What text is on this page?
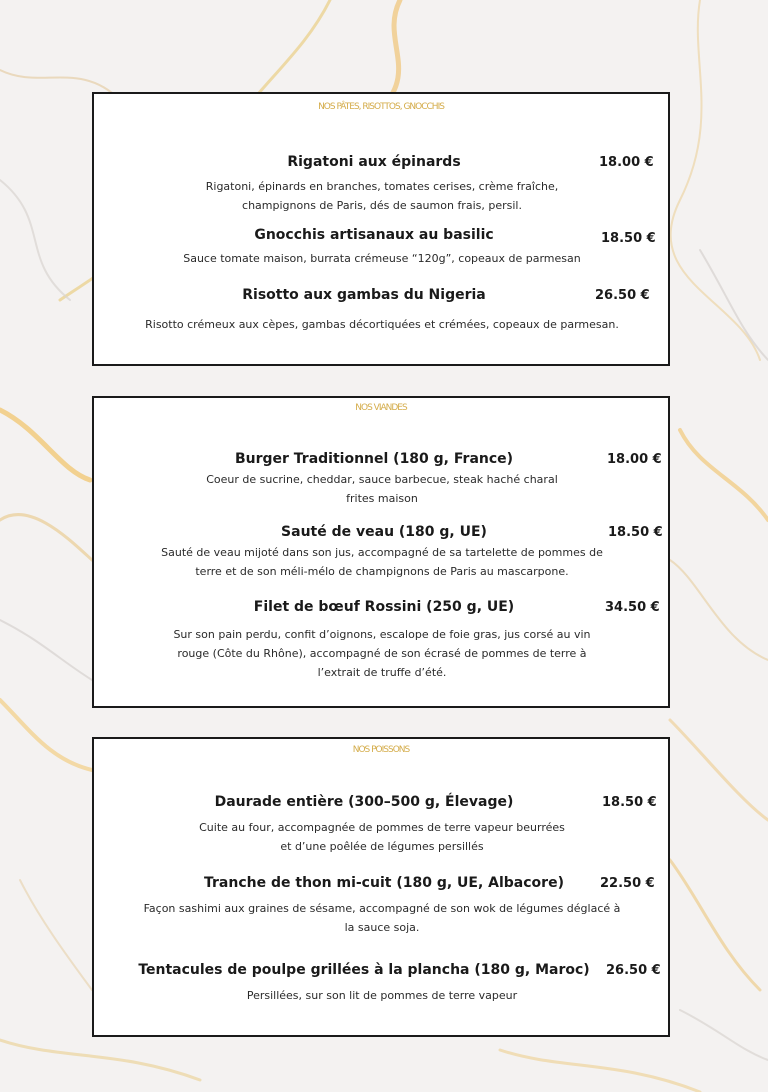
NOS PÂTES, RISOTTOS, GNOCCHIS
Rigatoni aux épinards	18.00 €
Rigatoni, épinards en branches, tomates cerises, crème fraîche,
champignons de Paris, dés de saumon frais, persil.
Gnocchis artisanaux au basilic	18.50 €
Sauce tomate maison, burrata crémeuse “120g”, copeaux de parmesan
Risotto aux gambas du Nigeria	26.50 €
Risotto crémeux aux cèpes, gambas décortiquées et crémées, copeaux de parmesan.
NOS VIANDES
Burger Traditionnel (180 g, France)	18.00 €
Coeur de sucrine, cheddar, sauce barbecue, steak haché charal
frites maison
Sauté de veau (180 g, UE)	18.50 €
Sauté de veau mijoté dans son jus, accompagné de sa tartelette de pommes de
terre et de son méli-mélo de champignons de Paris au mascarpone.
Filet de bœuf Rossini (250 g, UE)	34.50 €
Sur son pain perdu, confit d’oignons, escalope de foie gras, jus corsé au vin
rouge (Côte du Rhône), accompagné de son écrasé de pommes de terre à
l’extrait de truffe d’été.
NOS POISSONS
Daurade entière (300–500 g, Élevage)	18.50 €
Cuite au four, accompagnée de pommes de terre vapeur beurrées
et d’une poêlée de légumes persillés
Tranche de thon mi-cuit (180 g, UE, Albacore)	22.50 €
Façon sashimi aux graines de sésame, accompagné de son wok de légumes déglacé à
la sauce soja.
Tentacules de poulpe grillées à la plancha (180 g, Maroc)	26.50 €
Persillées, sur son lit de pommes de terre vapeur
